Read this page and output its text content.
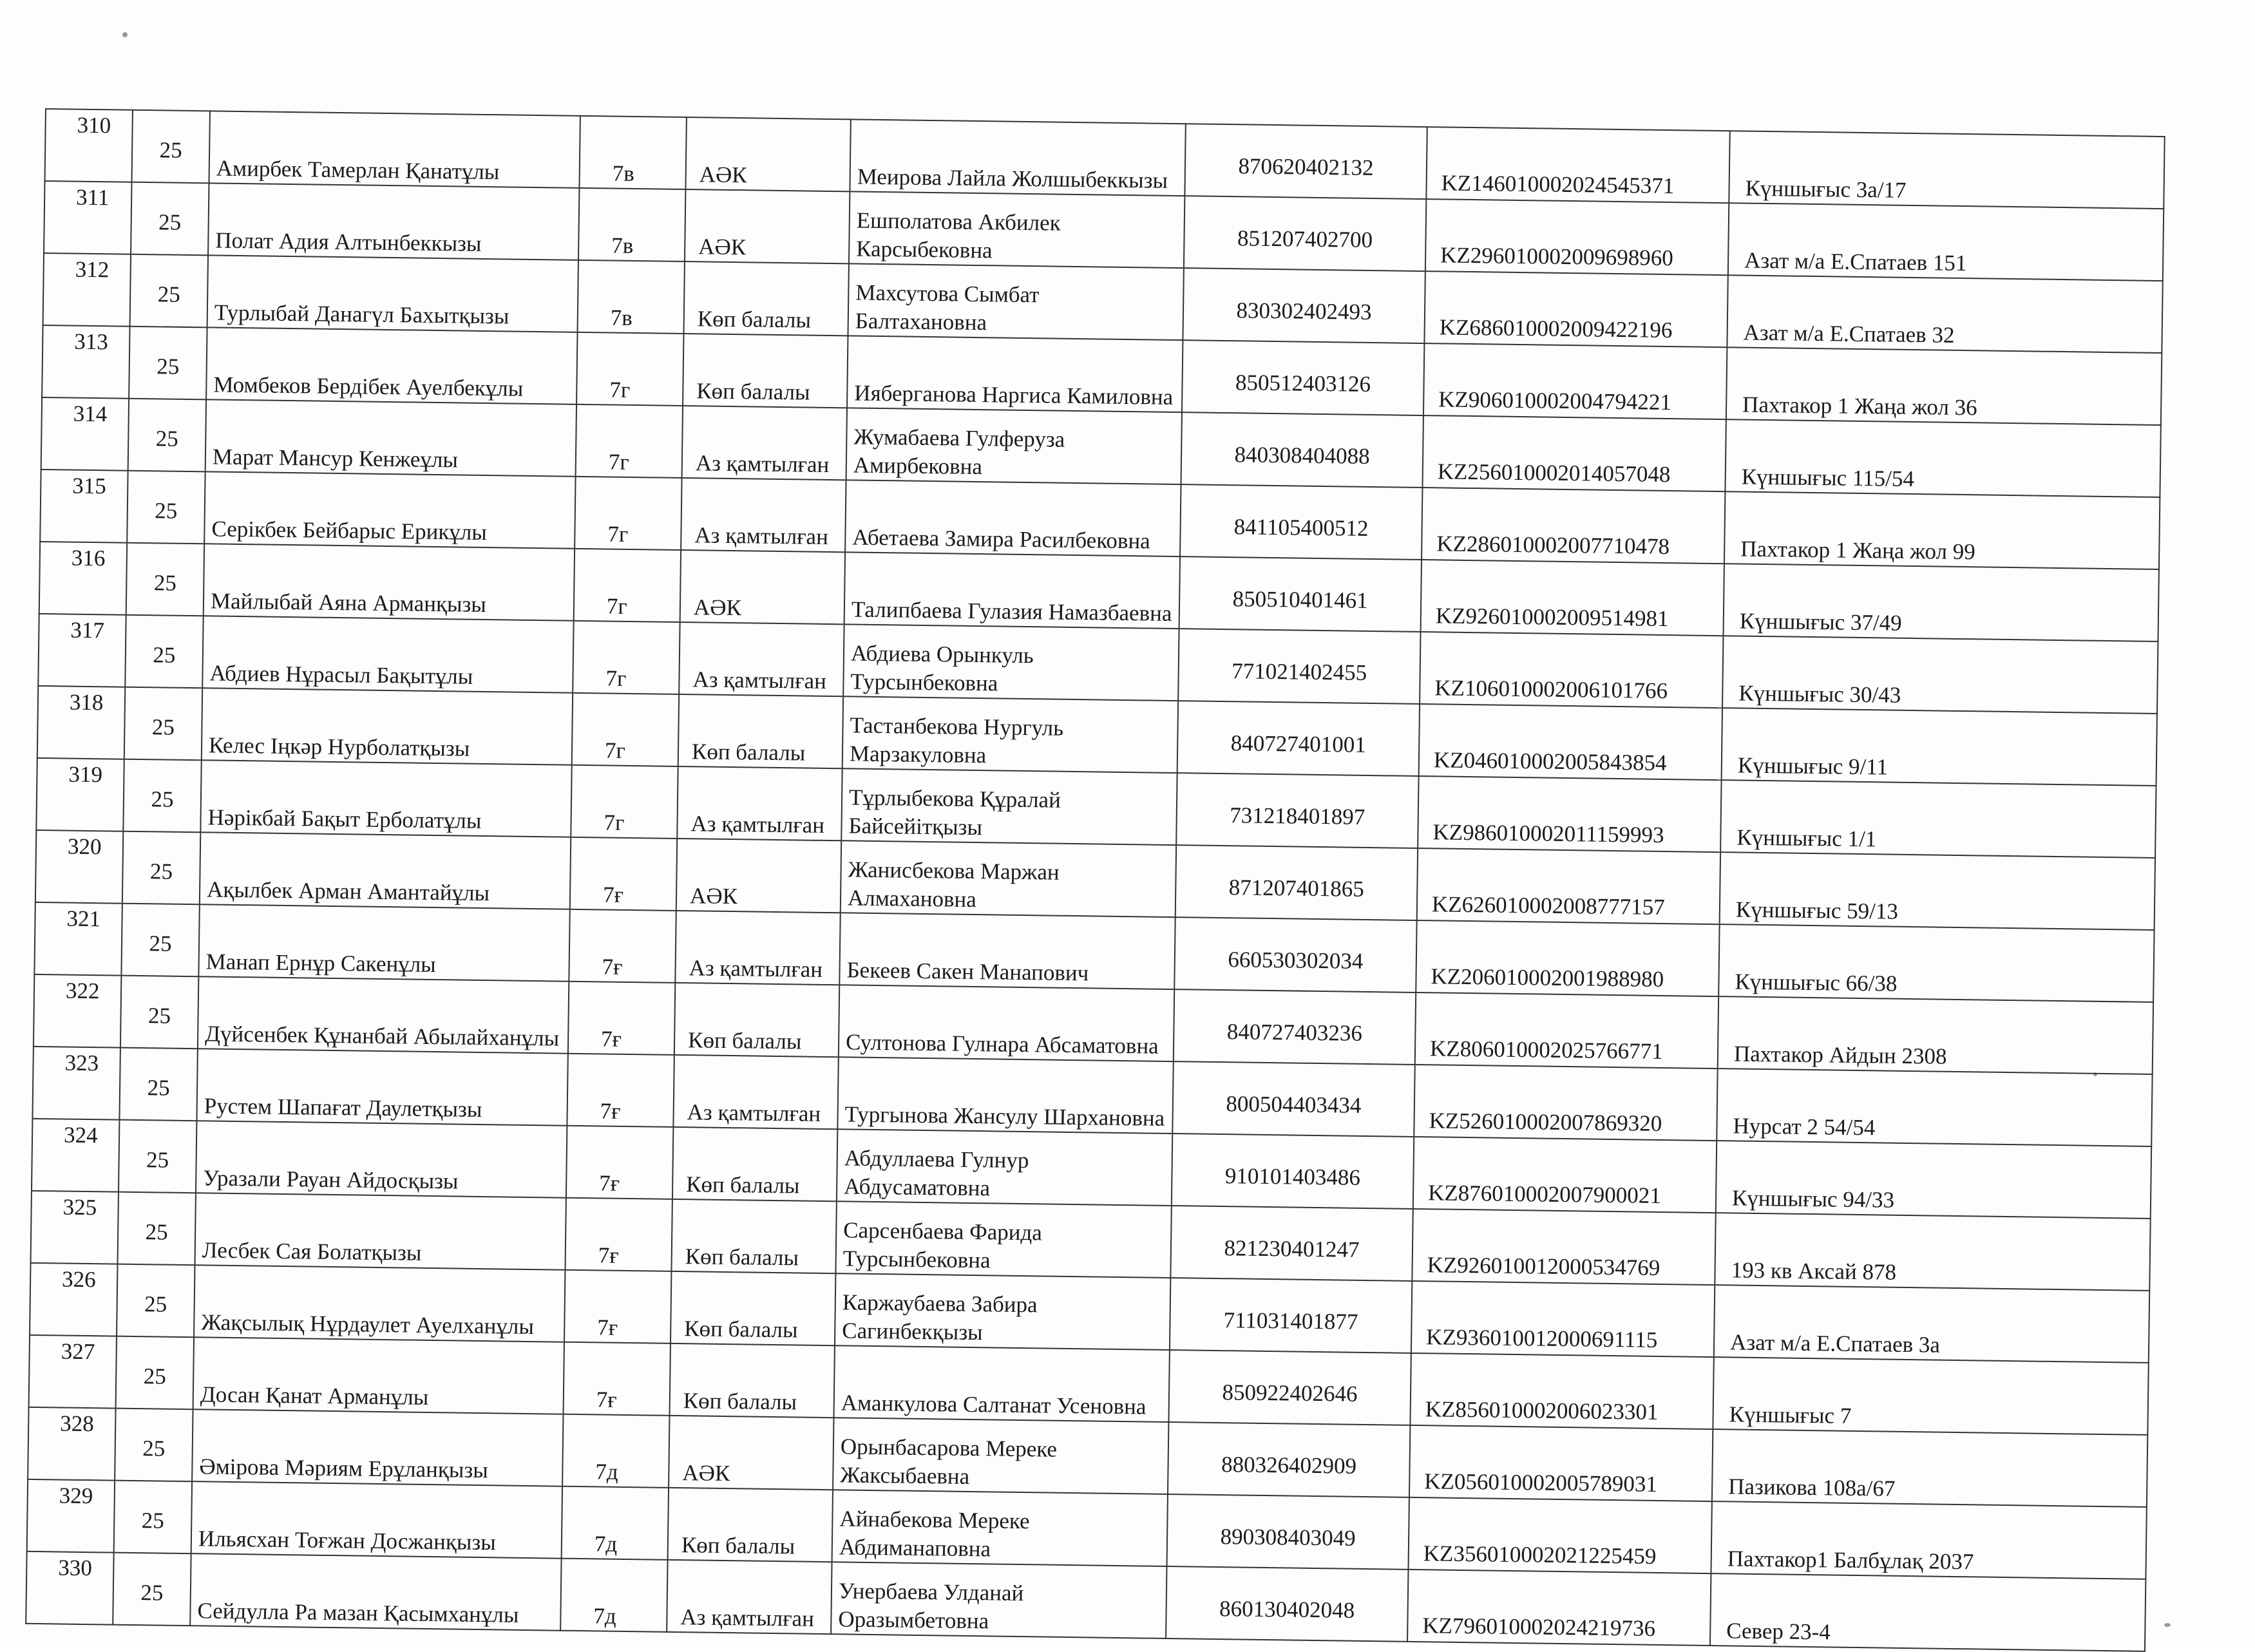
310	25	Амирбек Тамерлан Қанатұлы	7в	АӘК	Меирова Лайла Жолшыбеккызы	870620402132	KZ14601000202454537​1	Күншығыс 3а/17
311	25	Полат Адия Алтынбеккызы	7в	АӘК	Ешполатова Акбилек Карсыбековна	851207402700	KZ296010002009698960	Азат м/а Е.Спатаев 151
312	25	Турлыбай Данагүл Бахытқызы	7в	Көп балалы	Махсутова Сымбат Балтахановна	830302402493	KZ686010002009422196	Азат м/а Е.Спатаев 32
313	25	Момбеков Бердібек Ауелбекұлы	7г	Көп балалы	Ияберганова Наргиса Камиловна	850512403126	KZ906010002004794221	Пахтакор 1 Жаңа жол 36
314	25	Марат Мансур Кенжеұлы	7г	Аз қамтылған	Жумабаева Гулферуза Амирбековна	840308404088	KZ256010002014057048	Күншығыс 115/54
315	25	Серікбек Бейбарыс Ерикұлы	7г	Аз қамтылған	Абетаева Замира Расилбековна	841105400512	KZ286010002007710478	Пахтакор 1 Жаңа жол 99
316	25	Майлыбай Аяна Арманқызы	7г	АӘК	Талипбаева Гулазия Намазбаевна	850510401461	KZ926010002009514981	Күншығыс 37/49
317	25	Абдиев Нұрасыл Бақытұлы	7г	Аз қамтылған	Абдиева Орынкуль Турсынбековна	771021402455	KZ106010002006101766	Күншығыс 30/43
318	25	Келес Іңкәр Нурболатқызы	7г	Көп балалы	Тастанбекова Нургуль Марзакуловна	840727401001	KZ046010002005843854	Күншығыс 9/11
319	25	Нәрікбай Бақыт Ерболатұлы	7г	Аз қамтылған	Тұрлыбекова Құралай Байсейітқызы	731218401897	KZ986010002011159993	Күншығыс 1/1
320	25	Ақылбек Арман Амантайұлы	7ғ	АӘК	Жанисбекова Маржан Алмахановна	871207401865	KZ626010002008777157	Күншығыс 59/13
321	25	Манап Ернұр Сакенұлы	7ғ	Аз қамтылған	Бекеев Сакен Манапович	660530302034	KZ206010002001988980	Күншығыс 66/38
322	25	Дүйсенбек Құнанбай Абылайханұлы	7ғ	Көп балалы	Султонова Гулнара Абсаматовна	840727403236	KZ806010002025766771	Пахтакор Айдын 2308
323	25	Рустем Шапағат Даулетқызы	7ғ	Аз қамтылған	Тургынова Жансулу Шархановна	800504403434	KZ526010002007869320	Нурсат 2 54/54
324	25	Уразали Рауан Айдосқызы	7ғ	Көп балалы	Абдуллаева Гулнур Абдусаматовна	910101403486	KZ876010002007900021	Күншығыс 94/33
325	25	Лесбек Сая Болатқызы	7ғ	Көп балалы	Сарсенбаева Фарида Турсынбековна	821230401247	KZ926010012000534769	193 кв Аксай 878
326	25	Жақсылық Нұрдаулет Ауелханұлы	7ғ	Көп балалы	Каржаубаева Забира Сагинбекқызы	711031401877	KZ936010012000691115	Азат м/а Е.Спатаев 3а
327	25	Досан Қанат Арманұлы	7ғ	Көп балалы	Аманкулова Салтанат Усеновна	850922402646	KZ856010002006023301	Күншығыс 7
328	25	Әмірова Мәриям Ерұланқызы	7д	АӘК	Орынбасарова Мереке Жаксыбаевна	880326402909	KZ056010002005789031	Пазикова 108а/67
329	25	Ильясхан Тоғжан Досжанқызы	7д	Көп балалы	Айнабекова Мереке Абдиманаповна	890308403049	KZ356010002021225459	Пахтакор1 Балбұлақ 2037
330	25	Сейдулла Ра мазан Қасымханұлы	7д	Аз қамтылған	Унербаева Улданай Оразымбетовна	860130402048	KZ796010002024219736	Север 23-4
